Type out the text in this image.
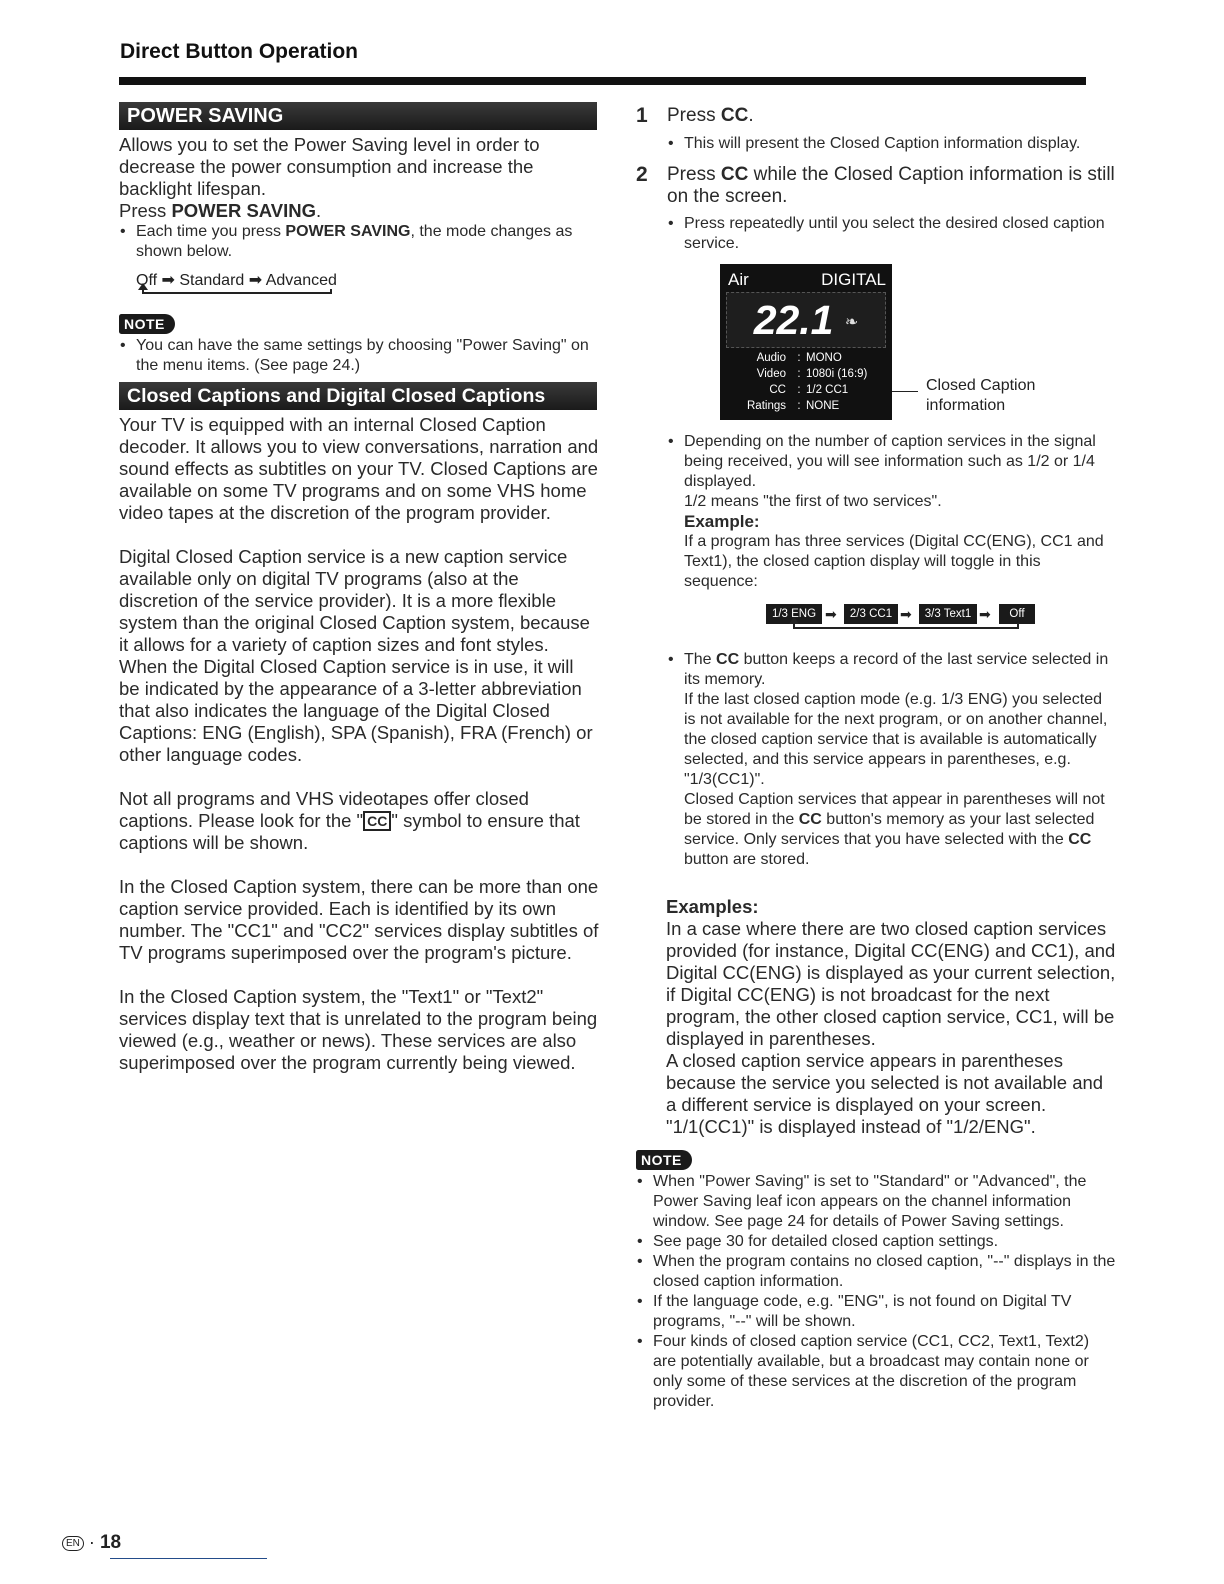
Direct Button Operation
POWER SAVING

Allows you to set the Power Saving level in order to decrease the power consumption and increase the backlight lifespan.

Press POWER SAVING.

• Each time you press POWER SAVING, the mode changes as shown below.

Off ➡ Standard ➡ Advanced
NOTE

• You can have the same settings by choosing "Power Saving" on the menu items. (See page 24.)

Closed Captions and Digital Closed Captions

Your TV is equipped with an internal Closed Caption decoder. It allows you to view conversations, narration and sound effects as subtitles on your TV. Closed Captions are available on some TV programs and on some VHS home video tapes at the discretion of the program provider.

Digital Closed Caption service is a new caption service available only on digital TV programs (also at the discretion of the service provider). It is a more flexible system than the original Closed Caption system, because it allows for a variety of caption sizes and font styles. When the Digital Closed Caption service is in use, it will be indicated by the appearance of a 3-letter abbreviation that also indicates the language of the Digital Closed Captions: ENG (English), SPA (Spanish), FRA (French) or other language codes.

Not all programs and VHS videotapes offer closed captions. Please look for the " CC " symbol to ensure that captions will be shown.

In the Closed Caption system, there can be more than one caption service provided. Each is identified by its own number. The "CC1" and "CC2" services display subtitles of TV programs superimposed over the program's picture.

In the Closed Caption system, the "Text1" or "Text2" services display text that is unrelated to the program being viewed (e.g., weather or news). These services are also superimposed over the program currently being viewed.

1 Press CC.

• This will present the Closed Caption information display.

2 Press CC while the Closed Caption information is still on the screen.

• Press repeatedly until you select the desired closed caption service.

Air	DIGITAL
22.1 ❧
Audio : MONO
Video : 1080i (16:9)
CC : 1/2 CC1
Ratings : NONE
Closed Caption information

• Depending on the number of caption services in the signal being received, you will see information such as 1/2 or 1/4 displayed.

1/2 means "the first of two services".

Example:

If a program has three services (Digital CC(ENG), CC1 and Text1), the closed caption display will toggle in this sequence:

1/3 ENG ➡	2/3 CC1 ➡	3/3 Text1 ➡	Off

• The CC button keeps a record of the last service selected in its memory.

If the last closed caption mode (e.g. 1/3 ENG) you selected is not available for the next program, or on another channel, the closed caption service that is available is automatically selected, and this service appears in parentheses, e.g. "1/3(CC1)".

Closed Caption services that appear in parentheses will not be stored in the CC button's memory as your last selected service. Only services that you have selected with the CC button are stored.

Examples:

In a case where there are two closed caption services provided (for instance, Digital CC(ENG) and CC1), and Digital CC(ENG) is displayed as your current selection, if Digital CC(ENG) is not broadcast for the next program, the other closed caption service, CC1, will be displayed in parentheses.

A closed caption service appears in parentheses because the service you selected is not available and a different service is displayed on your screen. "1/1(CC1)" is displayed instead of "1/2/ENG".

NOTE

• When "Power Saving" is set to "Standard" or "Advanced", the Power Saving leaf icon appears on the channel information window. See page 24 for details of Power Saving settings.

• See page 30 for detailed closed caption settings.

• When the program contains no closed caption, "--" displays in the closed caption information.

• If the language code, e.g. "ENG", is not found on Digital TV programs, "--" will be shown.

• Four kinds of closed caption service (CC1, CC2, Text1, Text2) are potentially available, but a broadcast may contain none or only some of these services at the discretion of the program provider.

EN · 18
